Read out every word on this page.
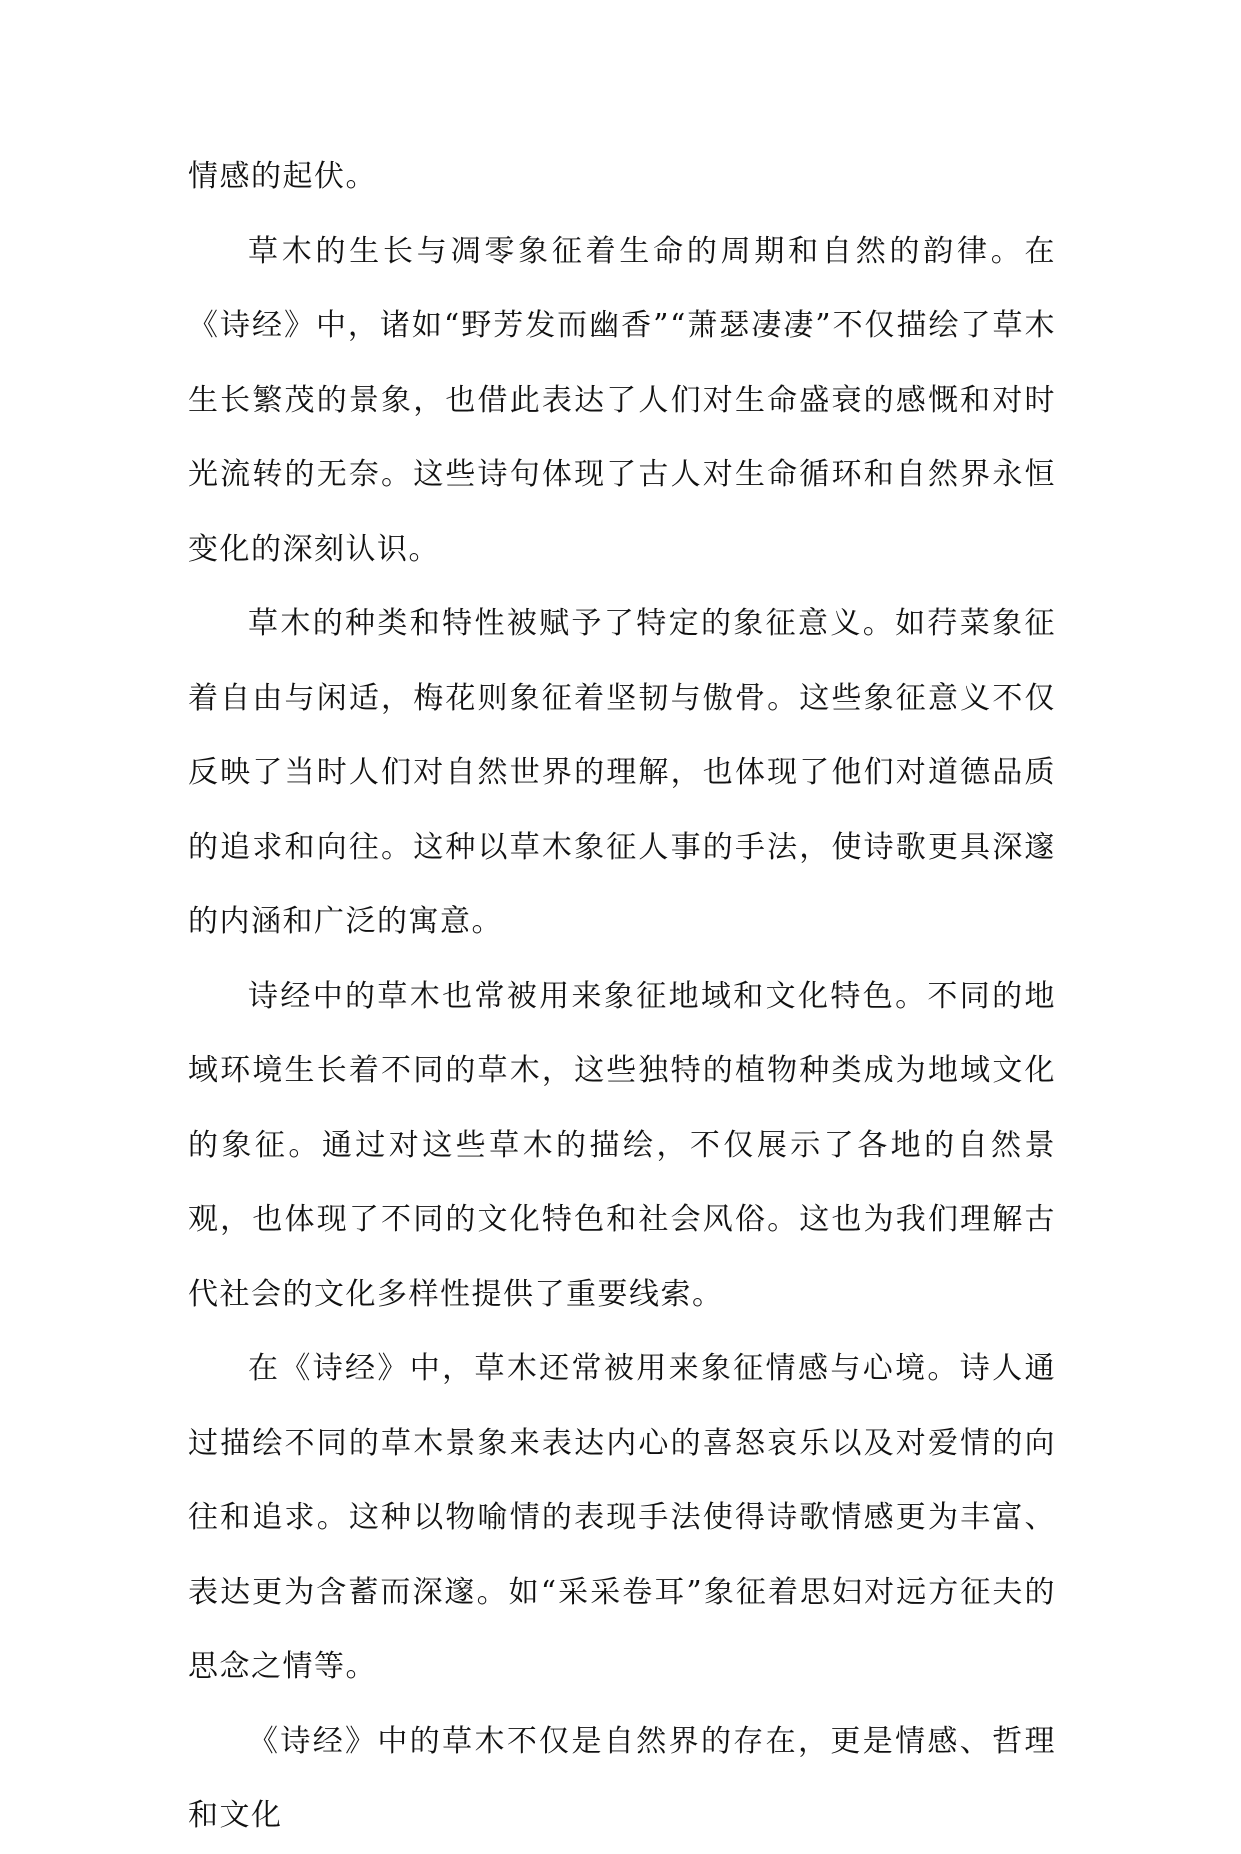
情感的起伏。

草木的生长与凋零象征着生命的周期和自然的韵律。在《诗经》中，诸如“野芳发而幽香”“萧瑟凄凄”不仅描绘了草木生长繁茂的景象，也借此表达了人们对生命盛衰的感慨和对时光流转的无奈。这些诗句体现了古人对生命循环和自然界永恒变化的深刻认识。

草木的种类和特性被赋予了特定的象征意义。如荇菜象征着自由与闲适，梅花则象征着坚韧与傲骨。这些象征意义不仅反映了当时人们对自然世界的理解，也体现了他们对道德品质的追求和向往。这种以草木象征人事的手法，使诗歌更具深邃的内涵和广泛的寓意。

诗经中的草木也常被用来象征地域和文化特色。不同的地域环境生长着不同的草木，这些独特的植物种类成为地域文化的象征。通过对这些草木的描绘，不仅展示了各地的自然景观，也体现了不同的文化特色和社会风俗。这也为我们理解古代社会的文化多样性提供了重要线索。

在《诗经》中，草木还常被用来象征情感与心境。诗人通过描绘不同的草木景象来表达内心的喜怒哀乐以及对爱情的向往和追求。这种以物喻情的表现手法使得诗歌情感更为丰富、表达更为含蓄而深邃。如“采采卷耳”象征着思妇对远方征夫的思念之情等。

《诗经》中的草木不仅是自然界的存在，更是情感、哲理和文化
